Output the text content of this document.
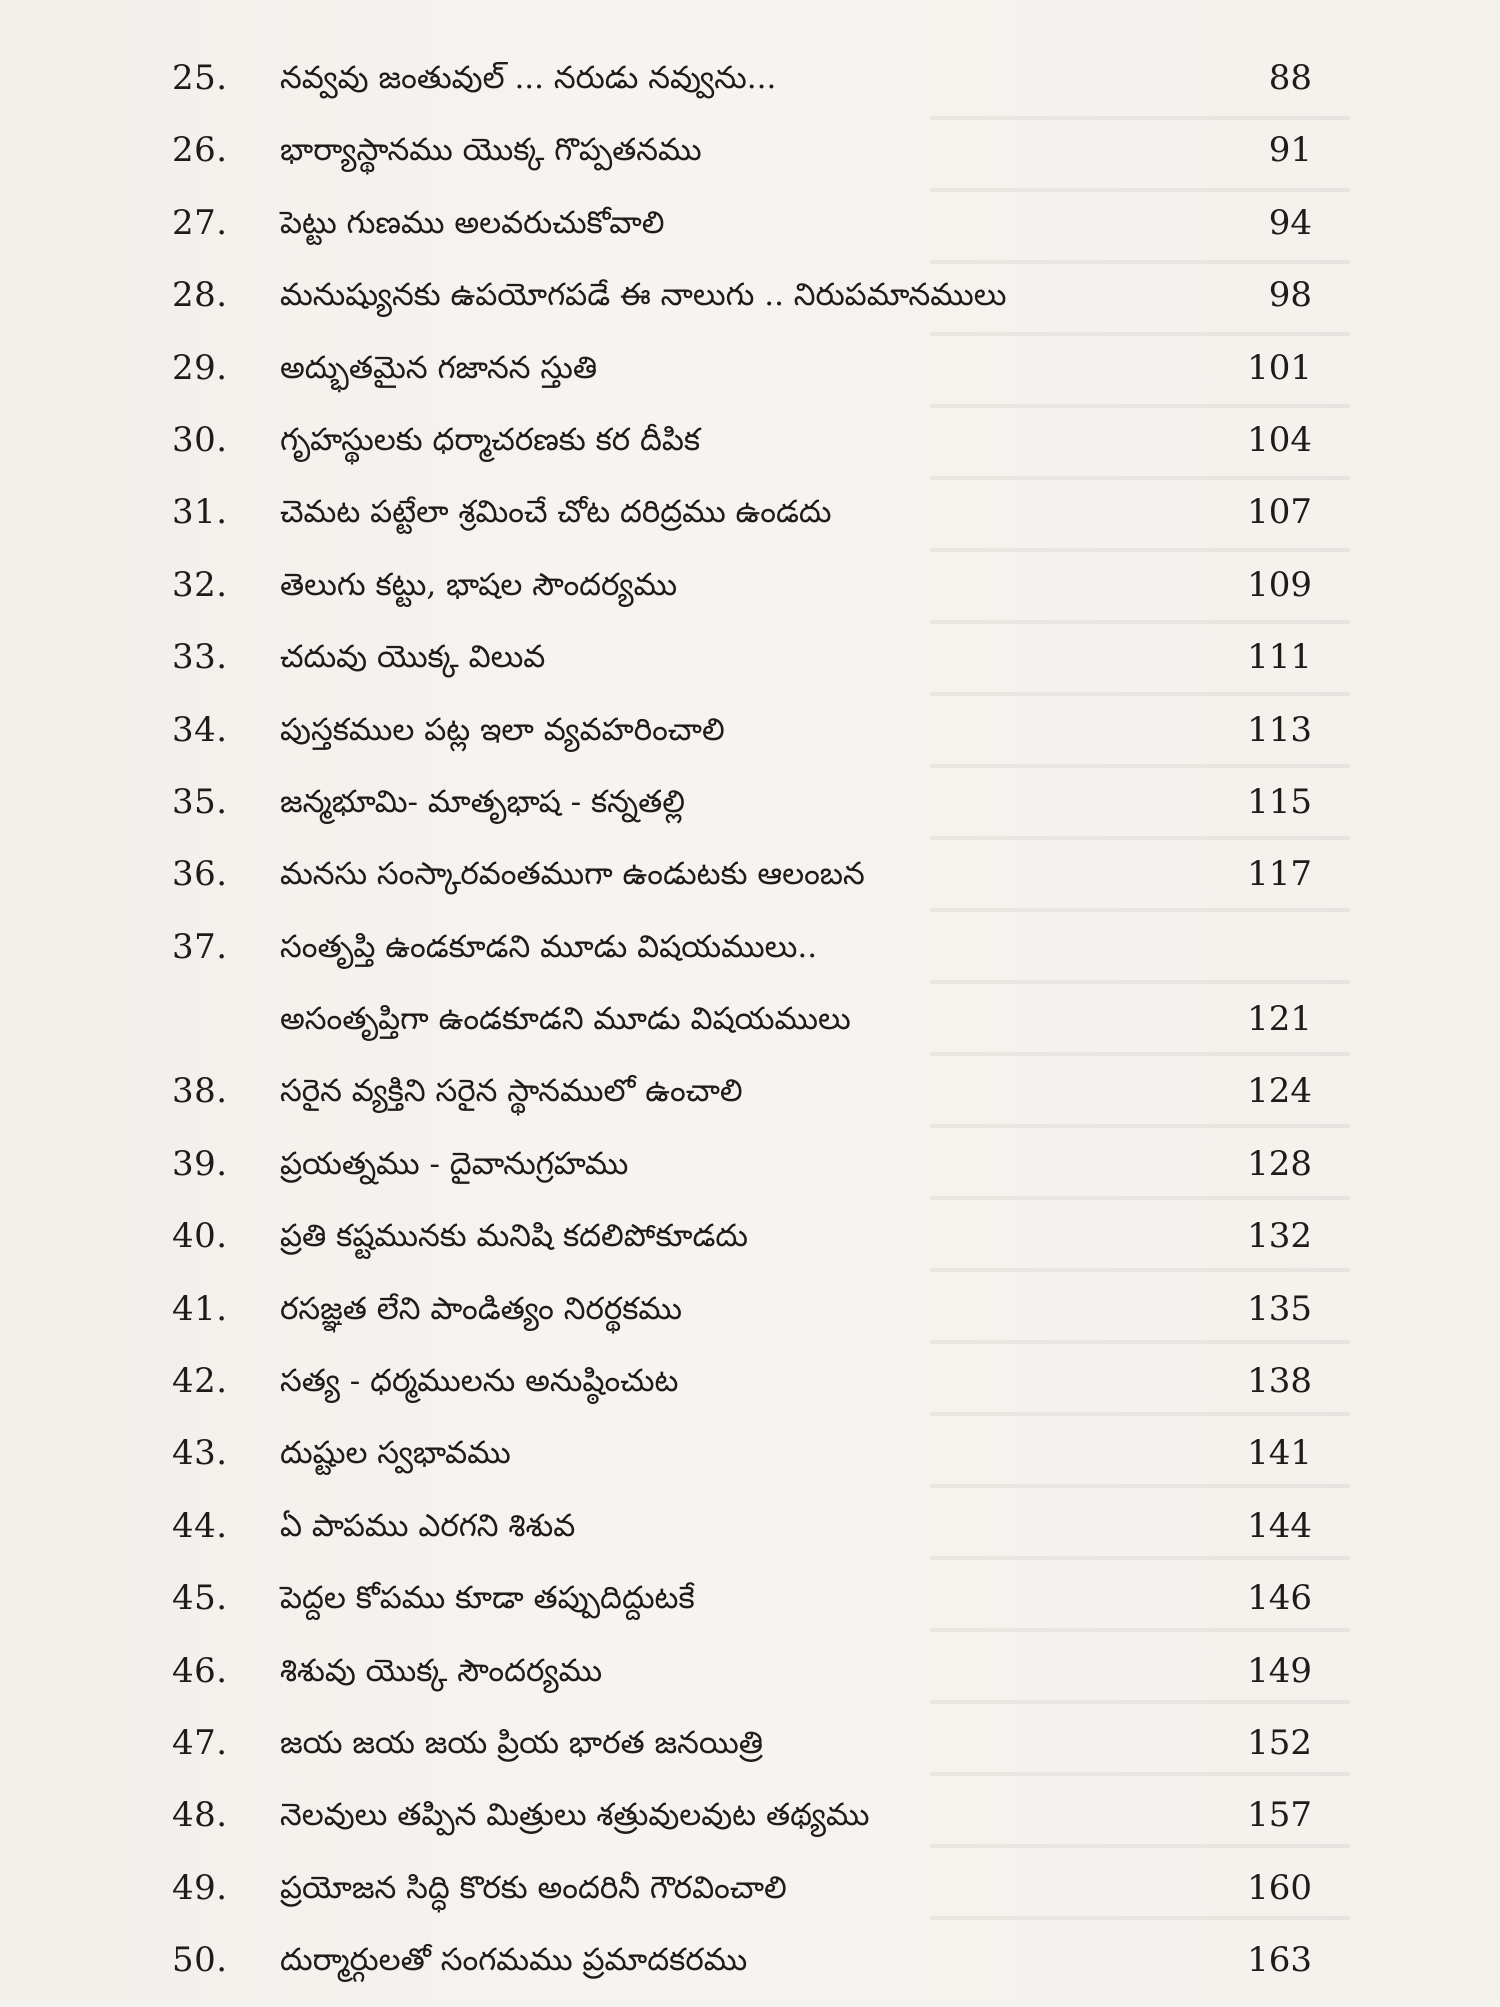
25.	నవ్వవు జంతువుల్ ... నరుడు నవ్వును...	88
26.	భార్యాస్థానము యొక్క గొప్పతనము	91
27.	పెట్టు గుణము అలవరుచుకోవాలి	94
28.	మనుష్యునకు ఉపయోగపడే ఈ నాలుగు .. నిరుపమానములు	98
29.	అద్భుతమైన గజానన స్తుతి	101
30.	గృహస్థులకు ధర్మాచరణకు కర దీపిక	104
31.	చెమట పట్టేలా శ్రమించే చోట దరిద్రము ఉండదు	107
32.	తెలుగు కట్టు, భాషల సౌందర్యము	109
33.	చదువు యొక్క విలువ	111
34.	పుస్తకముల పట్ల ఇలా వ్యవహరించాలి	113
35.	జన్మభూమి- మాతృభాష - కన్నతల్లి	115
36.	మనసు సంస్కారవంతముగా ఉండుటకు ఆలంబన	117
37.	సంతృప్తి ఉండకూడని మూడు విషయములు..
అసంతృప్తిగా ఉండకూడని మూడు విషయములు	121
38.	సరైన వ్యక్తిని సరైన స్థానములో ఉంచాలి	124
39.	ప్రయత్నము - దైవానుగ్రహము	128
40.	ప్రతి కష్టమునకు మనిషి కదలిపోకూడదు	132
41.	రసజ్ఞత లేని పాండిత్యం నిరర్థకము	135
42.	సత్య - ధర్మములను అనుష్ఠించుట	138
43.	దుష్టుల స్వభావము	141
44.	ఏ పాపము ఎరగని శిశువ	144
45.	పెద్దల కోపము కూడా తప్పుదిద్దుటకే	146
46.	శిశువు యొక్క సౌందర్యము	149
47.	జయ జయ జయ ప్రియ భారత జనయిత్రి	152
48.	నెలవులు తప్పిన మిత్రులు శత్రువులవుట తథ్యము	157
49.	ప్రయోజన సిద్ధి కొరకు అందరినీ గౌరవించాలి	160
50.	దుర్మార్గులతో సంగమము ప్రమాదకరము	163
